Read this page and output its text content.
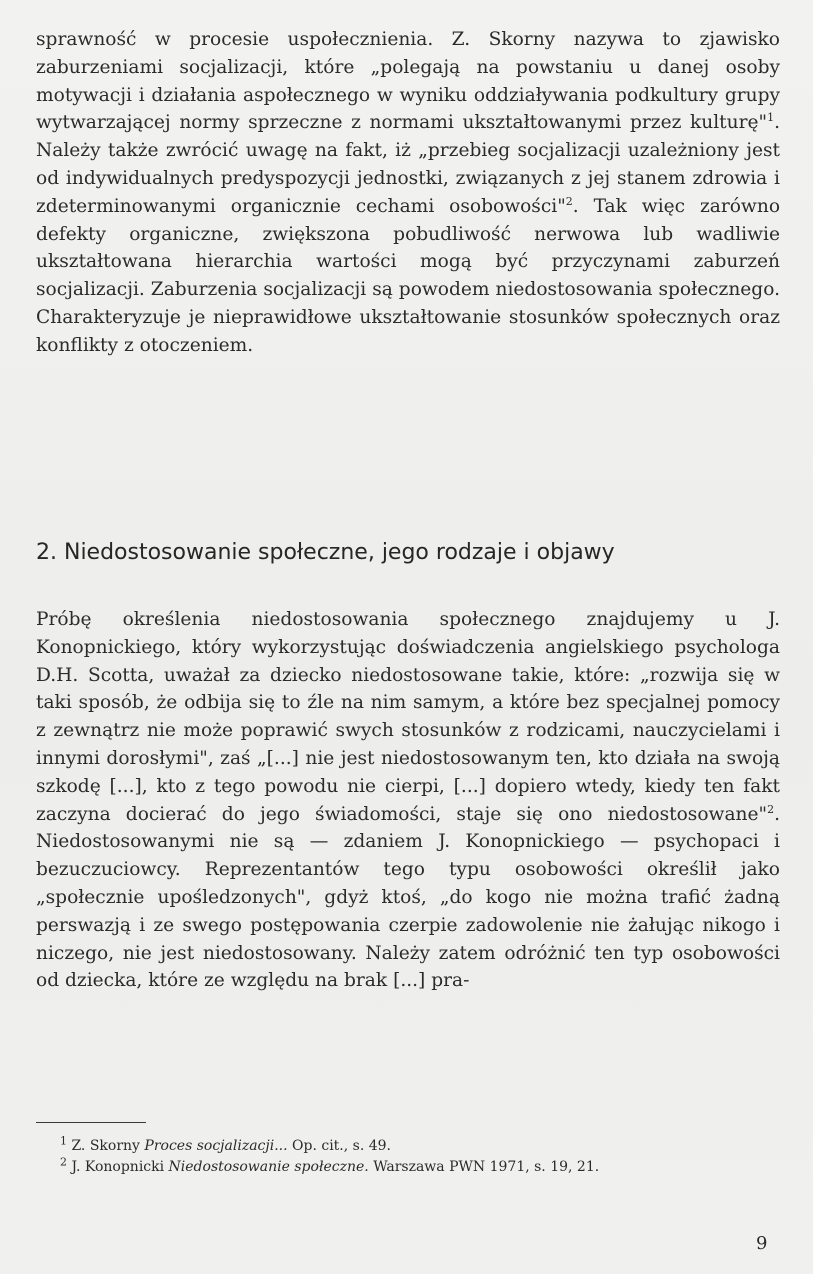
sprawność w procesie uspołecznienia. Z. Skorny nazywa to zjawisko zaburzeniami socjalizacji, które „polegają na powstaniu u danej osoby motywacji i działania aspołecznego w wyniku oddziaływania podkultury grupy wytwarzającej normy sprzeczne z normami ukształtowanymi przez kulturę"$^1$. Należy także zwrócić uwagę na fakt, iż „przebieg socjalizacji uzależniony jest od indywidualnych predyspozycji jednostki, związanych z jej stanem zdrowia i zdeterminowanymi organicznie cechami osobowości"$^2$. Tak więc zarówno defekty organiczne, zwiększona pobudliwość nerwowa lub wadliwie ukształtowana hierarchia wartości mogą być przyczynami zaburzeń socjalizacji. Zaburzenia socjalizacji są powodem niedostosowania społecznego. Charakteryzuje je nieprawidłowe ukształtowanie stosunków społecznych oraz konflikty z otoczeniem.
2. Niedostosowanie społeczne, jego rodzaje i objawy
Próbę określenia niedostosowania społecznego znajdujemy u J. Konopnickiego, który wykorzystując doświadczenia angielskiego psychologa D.H. Scotta, uważał za dziecko niedostosowane takie, które: „rozwija się w taki sposób, że odbija się to źle na nim samym, a które bez specjalnej pomocy z zewnątrz nie może poprawić swych stosunków z rodzicami, nauczycielami i innymi dorosłymi", zaś „[...] nie jest niedostosowanym ten, kto działa na swoją szkodę [...], kto z tego powodu nie cierpi, [...] dopiero wtedy, kiedy ten fakt zaczyna docierać do jego świadomości, staje się ono niedostosowane"$^2$. Niedostosowanymi nie są — zdaniem J. Konopnickiego — psychopaci i bezuczuciowcy. Reprezentantów tego typu osobowości określił jako „społecznie upośledzonych", gdyż ktoś, „do kogo nie można trafić żadną perswazją i ze swego postępowania czerpie zadowolenie nie żałując nikogo i niczego, nie jest niedostosowany. Należy zatem odróżnić ten typ osobowości od dziecka, które ze względu na brak [...] pra-
$^1$ Z. Skorny Proces socjalizacji... Op. cit., s. 49.
$^2$ J. Konopnicki Niedostosowanie społeczne. Warszawa PWN 1971, s. 19, 21.
9
